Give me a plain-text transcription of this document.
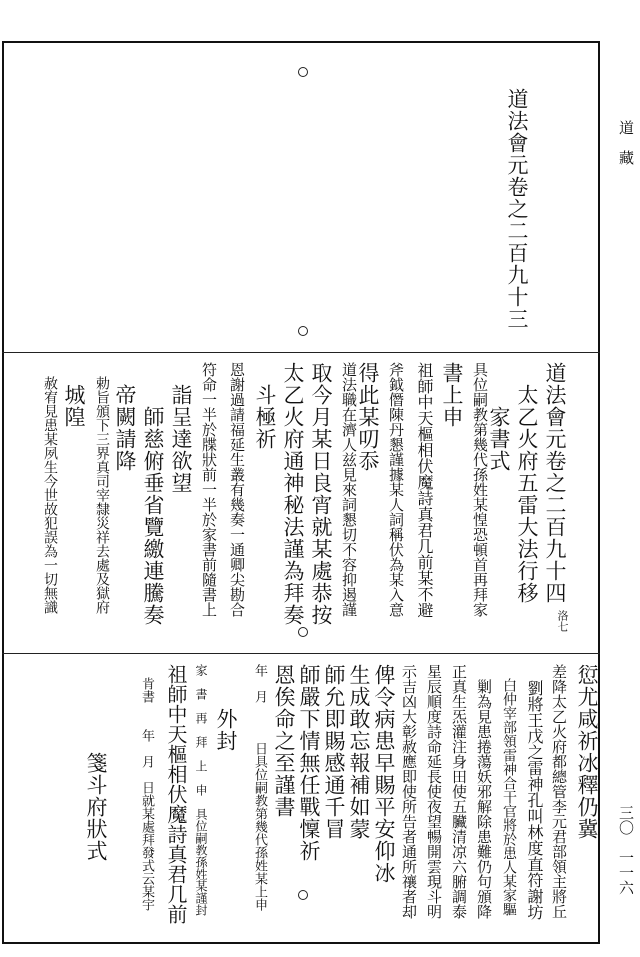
道　藏
三〇　一一六
道法會元卷之二百九十三
洛七
道法會元卷之二百九十四
　太乙火府五雷大法行移
　　家書式
具位嗣教第幾代孫姓某惶恐頓首再拜家
書上申
祖師中天樞相伏魔詩真君几前某不避
斧鉞僭陳丹懇謹據某人詞稱伏為某入意
得此某叨忝
道法職在濟人兹見來詞懇切不容抑遏謹
取今月某日良宵就某處恭按
太乙火府通神秘法謹為拜奏
　斗極祈
恩謝過請福延生叢有幾奏一通卿尖勘合
符命一半於牒狀前一半於家書前隨書上
　詣呈達欲望
　　師慈俯垂省覽繳連騰奏
　帝闕請降
　勅旨頒下三界真司宰隸災祥去處及獄府
　城隍
　赦宥見患某夙生今世故犯誤為一切無識
愆尤咸祈冰釋仍冀
差降太乙火府都總管李元君部領主將丘
　劉將王戊之雷神孔叫林度直符謝坊
　白仲宰部領雷神合干官將於患人某家驅
　剿為見患捲蕩妖邪解除患難仍句頒降
正真生炁灌注身田使五臟清凉六腑調泰
星辰順度詩命延長使夜望暢開雲現斗明
示吉凶大彰赦應即使所告者通所禳者却
俾令病患早賜平安仰冰
生成敢忘報補如蒙
師允即賜感通千冒
師嚴下情無任戰懍祈
恩俟命之至謹書
年　月　　　日具位嗣教第幾代孫姓某上申
　　外封
家　書　再　拜　上　申　具位嗣教孫姓某謹封
祖師中天樞相伏魔詩真君几前
　肯書　　年　月　日就某處拜發式云某宇
　　　　箋斗府狀式
